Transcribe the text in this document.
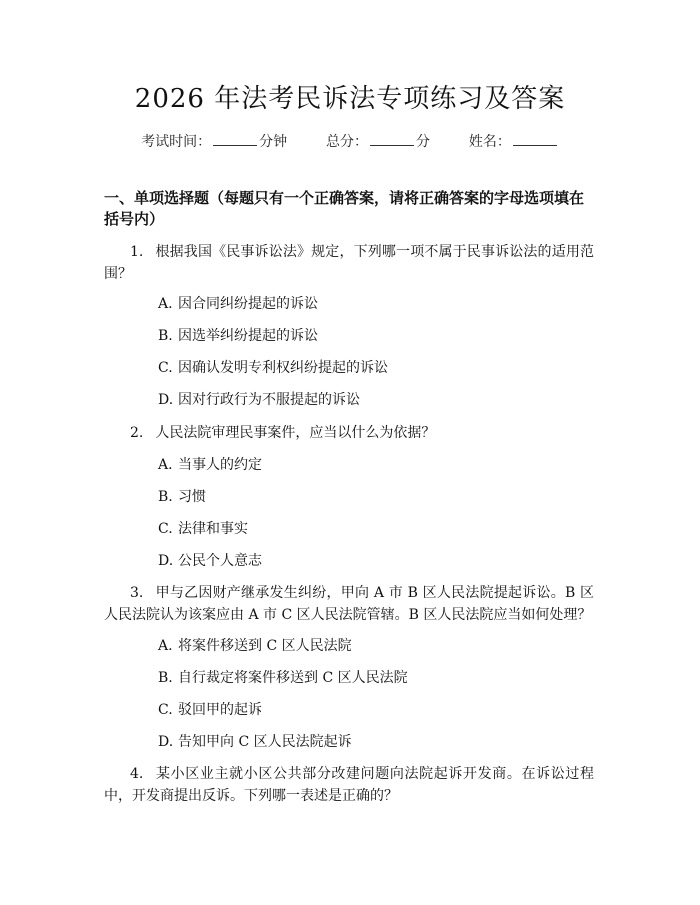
2026 年法考民诉法专项练习及答案
考试时间：	分钟	总分：	分	姓名：
一、单项选择题（每题只有一个正确答案，请将正确答案的字母选项填在括号内）
1. 根据我国《民事诉讼法》规定，下列哪一项不属于民事诉讼法的适用范围？
A. 因合同纠纷提起的诉讼
B. 因选举纠纷提起的诉讼
C. 因确认发明专利权纠纷提起的诉讼
D. 因对行政行为不服提起的诉讼
2. 人民法院审理民事案件，应当以什么为依据？
A. 当事人的约定
B. 习惯
C. 法律和事实
D. 公民个人意志
3. 甲与乙因财产继承发生纠纷，甲向 A 市 B 区人民法院提起诉讼。B 区人民法院认为该案应由 A 市 C 区人民法院管辖。B 区人民法院应当如何处理？
A. 将案件移送到 C 区人民法院
B. 自行裁定将案件移送到 C 区人民法院
C. 驳回甲的起诉
D. 告知甲向 C 区人民法院起诉
4. 某小区业主就小区公共部分改建问题向法院起诉开发商。在诉讼过程中，开发商提出反诉。下列哪一表述是正确的？
